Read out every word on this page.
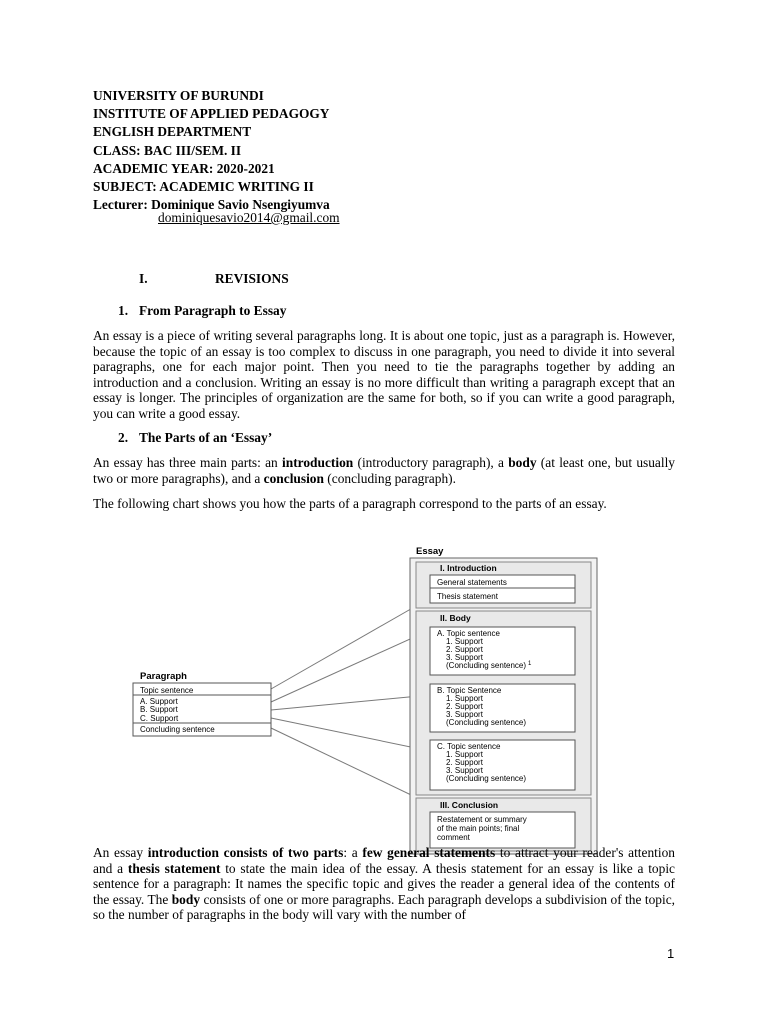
UNIVERSITY OF BURUNDI
INSTITUTE OF APPLIED PEDAGOGY
ENGLISH DEPARTMENT
CLASS: BAC III/SEM. II
ACADEMIC YEAR: 2020-2021
SUBJECT: ACADEMIC WRITING II
Lecturer: Dominique Savio Nsengiyumva
dominiquesavio2014@gmail.com
I.	REVISIONS
1. From Paragraph to Essay

An essay is a piece of writing several paragraphs long. It is about one topic, just as a paragraph is. However, because the topic of an essay is too complex to discuss in one paragraph, you need to divide it into several paragraphs, one for each major point. Then you need to tie the paragraphs together by adding an introduction and a conclusion. Writing an essay is no more difficult than writing a paragraph except that an essay is longer. The principles of organization are the same for both, so if you can write a good paragraph, you can write a good essay.

2. The Parts of an ‘Essay’

An essay has three main parts: an introduction (introductory paragraph), a body (at least one, but usually two or more paragraphs), and a conclusion (concluding paragraph).

The following chart shows you how the parts of a paragraph correspond to the parts of an essay.

Paragraph
Topic sentence
A. Support
B. Support
C. Support
Concluding sentence
Essay
I. Introduction
General statements
Thesis statement
II. Body
A. Topic sentence
1. Support
2. Support
3. Support
(Concluding sentence) 1
B. Topic Sentence
1. Support
2. Support
3. Support
(Concluding sentence)
C. Topic sentence
1. Support
2. Support
3. Support
(Concluding sentence)
III. Conclusion
Restatement or summary
of the main points; final
comment

An essay introduction consists of two parts: a few general statements to attract your reader's attention and a thesis statement to state the main idea of the essay. A thesis statement for an essay is like a topic sentence for a paragraph: It names the specific topic and gives the reader a general idea of the contents of the essay. The body consists of one or more paragraphs. Each paragraph develops a subdivision of the topic, so the number of paragraphs in the body will vary with the number of

1
